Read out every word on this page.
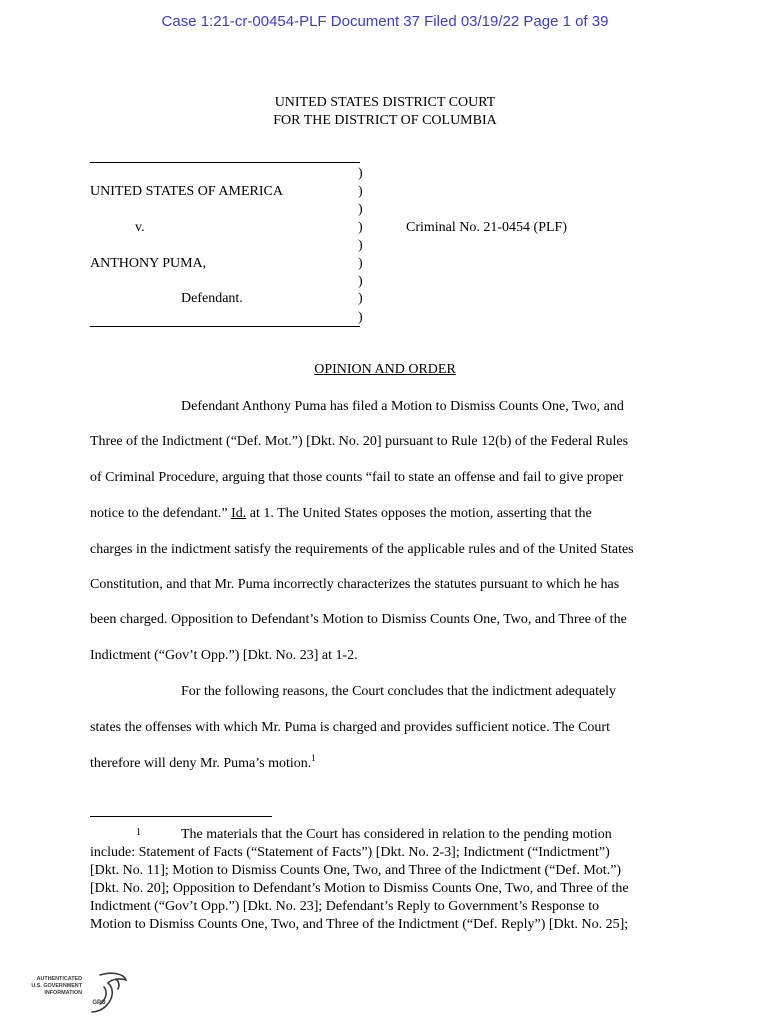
Case 1:21-cr-00454-PLF Document 37 Filed 03/19/22 Page 1 of 39
UNITED STATES DISTRICT COURT
FOR THE DISTRICT OF COLUMBIA
UNITED STATES OF AMERICA
v.
ANTHONY PUMA,
Defendant.
Criminal No. 21-0454 (PLF)
)
)
)
)
)
)
)
)
)
OPINION AND ORDER
Defendant Anthony Puma has filed a Motion to Dismiss Counts One, Two, and
Three of the Indictment (“Def. Mot.”) [Dkt. No. 20] pursuant to Rule 12(b) of the Federal Rules
of Criminal Procedure, arguing that those counts “fail to state an offense and fail to give proper
notice to the defendant.” Id. at 1. The United States opposes the motion, asserting that the
charges in the indictment satisfy the requirements of the applicable rules and of the United States
Constitution, and that Mr. Puma incorrectly characterizes the statutes pursuant to which he has
been charged. Opposition to Defendant’s Motion to Dismiss Counts One, Two, and Three of the
Indictment (“Gov’t Opp.”) [Dkt. No. 23] at 1-2.
For the following reasons, the Court concludes that the indictment adequately
states the offenses with which Mr. Puma is charged and provides sufficient notice. The Court
therefore will deny Mr. Puma’s motion.$^1$
1	The materials that the Court has considered in relation to the pending motion
include: Statement of Facts (“Statement of Facts”) [Dkt. No. 2-3]; Indictment (“Indictment”)
[Dkt. No. 11]; Motion to Dismiss Counts One, Two, and Three of the Indictment (“Def. Mot.”)
[Dkt. No. 20]; Opposition to Defendant’s Motion to Dismiss Counts One, Two, and Three of the
Indictment (“Gov’t Opp.”) [Dkt. No. 23]; Defendant’s Reply to Government’s Response to
Motion to Dismiss Counts One, Two, and Three of the Indictment (“Def. Reply”) [Dkt. No. 25];
AUTHENTICATED
U.S. GOVERNMENT
INFORMATION
GPO
